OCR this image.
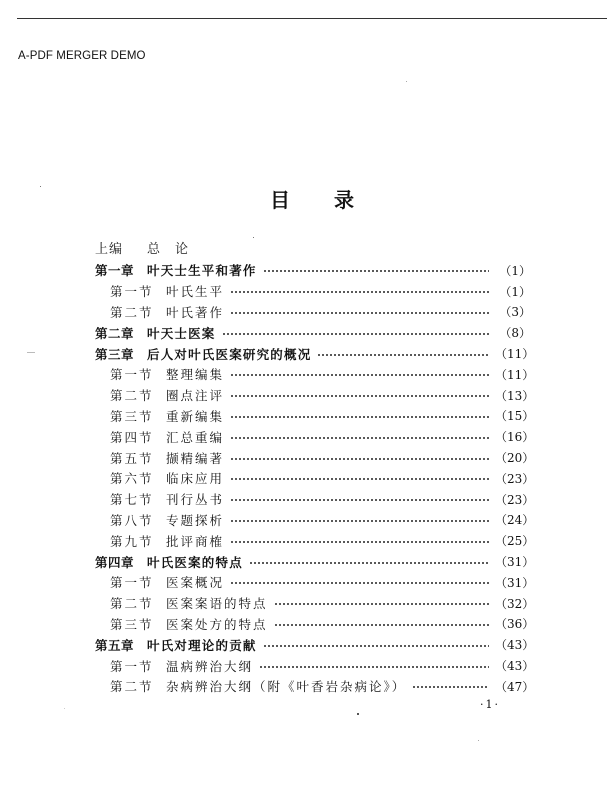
A-PDF MERGER DEMO
目 录
上编 总 论
第一章	叶天士生平和著作	（1）
第一节 叶氏生平	（1）
第二节 叶氏著作	（3）
第二章	叶天士医案	（8）
第三章	后人对叶氏医案研究的概况	（11）
第一节 整理编集	（11）
第二节 圈点注评	（13）
第三节 重新编集	（15）
第四节 汇总重编	（16）
第五节 撷精编著	（20）
第六节 临床应用	（23）
第七节 刊行丛书	（23）
第八节 专题探析	（24）
第九节 批评商榷	（25）
第四章	叶氏医案的特点	（31）
第一节 医案概况	（31）
第二节 医案案语的特点	（32）
第三节 医案处方的特点	（36）
第五章	叶氏对理论的贡献	（43）
第一节 温病辨治大纲	（43）
第二节 杂病辨治大纲（附《叶香岩杂病论》）	（47）
·1·
